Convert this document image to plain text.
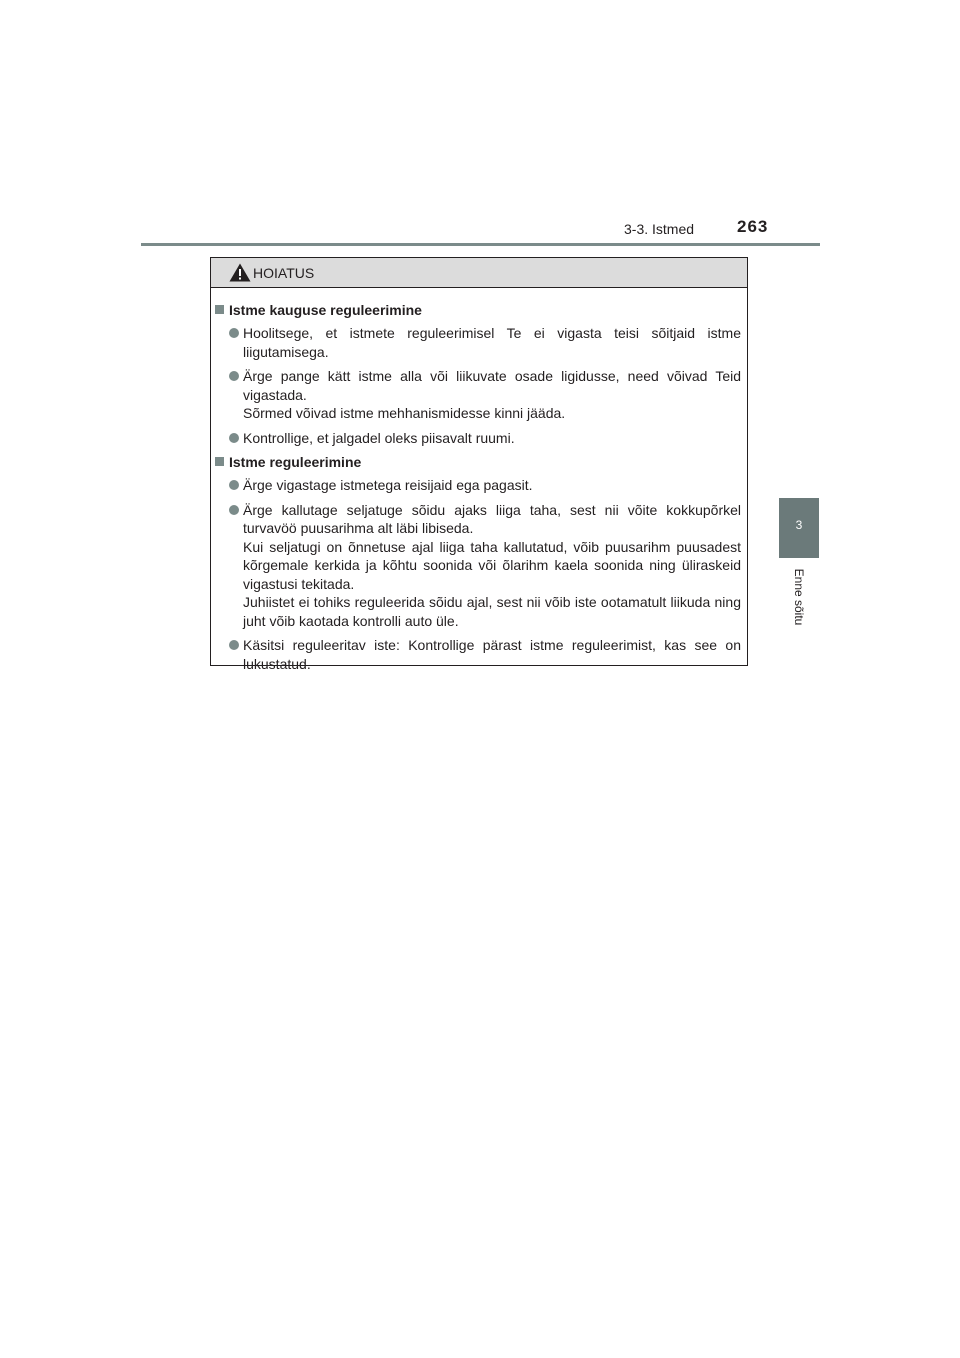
3-3. Istmed	263
3
Enne sõitu
HOIATUS
Istme kauguse reguleerimine
Hoolitsege, et istmete reguleerimisel Te ei vigasta teisi sõitjaid istme liigutamisega.
Ärge pange kätt istme alla või liikuvate osade ligidusse, need võivad Teid vigastada.
Sõrmed võivad istme mehhanismidesse kinni jääda.
Kontrollige, et jalgadel oleks piisavalt ruumi.
Istme reguleerimine
Ärge vigastage istmetega reisijaid ega pagasit.
Ärge kallutage seljatuge sõidu ajaks liiga taha, sest nii võite kokkupõrkel turvavöö puusarihma alt läbi libiseda.
Kui seljatugi on õnnetuse ajal liiga taha kallutatud, võib puusarihm puusadest kõrgemale kerkida ja kõhtu soonida või õlarihm kaela soonida ning üliraskeid vigastusi tekitada.
Juhiistet ei tohiks reguleerida sõidu ajal, sest nii võib iste ootamatult liikuda ning juht võib kaotada kontrolli auto üle.
Käsitsi reguleeritav iste: Kontrollige pärast istme reguleerimist, kas see on lukustatud.
